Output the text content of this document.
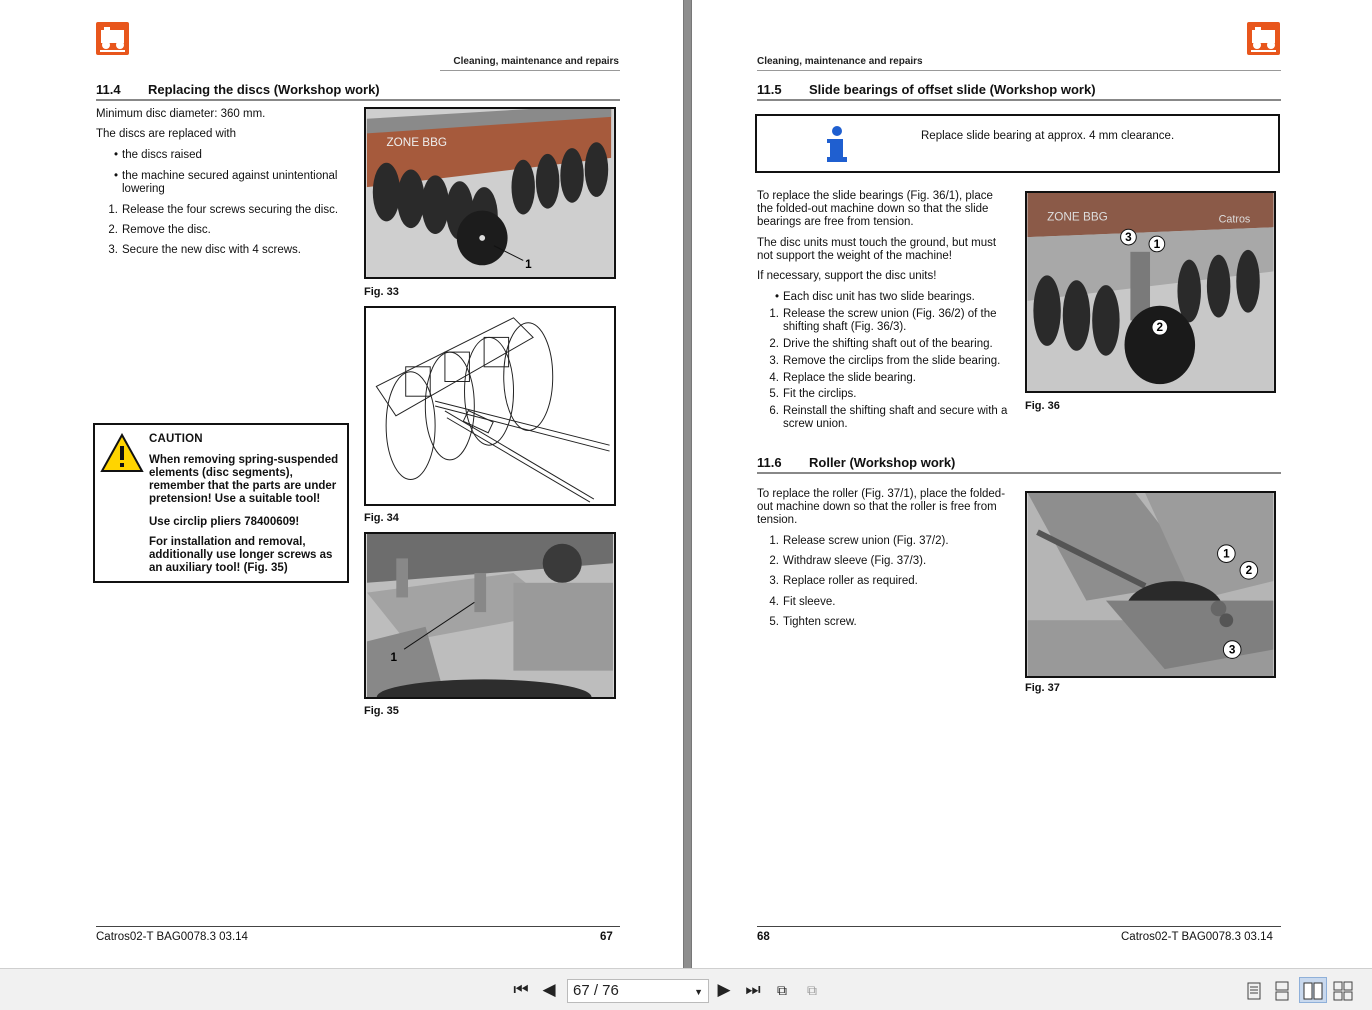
Cleaning, maintenance and repairs
11.4 Replacing the discs (Workshop work)
Minimum disc diameter: 360 mm.
The discs are replaced with
• the discs raised
• the machine secured against unintentional lowering
1. Release the four screws securing the disc.
2. Remove the disc.
3. Secure the new disc with 4 screws.
ZONE BBG
1
Fig. 33
Fig. 34
1
Fig. 35
CAUTION
When removing spring-suspended elements (disc segments), remember that the parts are under pretension! Use a suitable tool!
Use circlip pliers 78400609!
For installation and removal, additionally use longer screws as an auxiliary tool! (Fig. 35)
Catros02-T BAG0078.3 03.14	67
Cleaning, maintenance and repairs
11.5 Slide bearings of offset slide (Workshop work)
Replace slide bearing at approx. 4 mm clearance.
To replace the slide bearings (Fig. 36/1), place the folded-out machine down so that the slide bearings are free from tension.
The disc units must touch the ground, but must not support the weight of the machine!
If necessary, support the disc units!
• Each disc unit has two slide bearings.
1. Release the screw union (Fig. 36/2) of the shifting shaft (Fig. 36/3).
2. Drive the shifting shaft out of the bearing.
3. Remove the circlips from the slide bearing.
4. Replace the slide bearing.
5. Fit the circlips.
6. Reinstall the shifting shaft and secure with a screw union.
ZONE BBG	Catros
3
1
2
Fig. 36
11.6 Roller (Workshop work)
To replace the roller (Fig. 37/1), place the folded-out machine down so that the roller is free from tension.
1. Release screw union (Fig. 37/2).
2. Withdraw sleeve (Fig. 37/3).
3. Replace roller as required.
4. Fit sleeve.
5. Tighten screw.
1
2
3
Fig. 37
68	Catros02-T BAG0078.3 03.14
⏮ ◀	67 / 76	▼ ▶ ⏭	⧉	⧉
